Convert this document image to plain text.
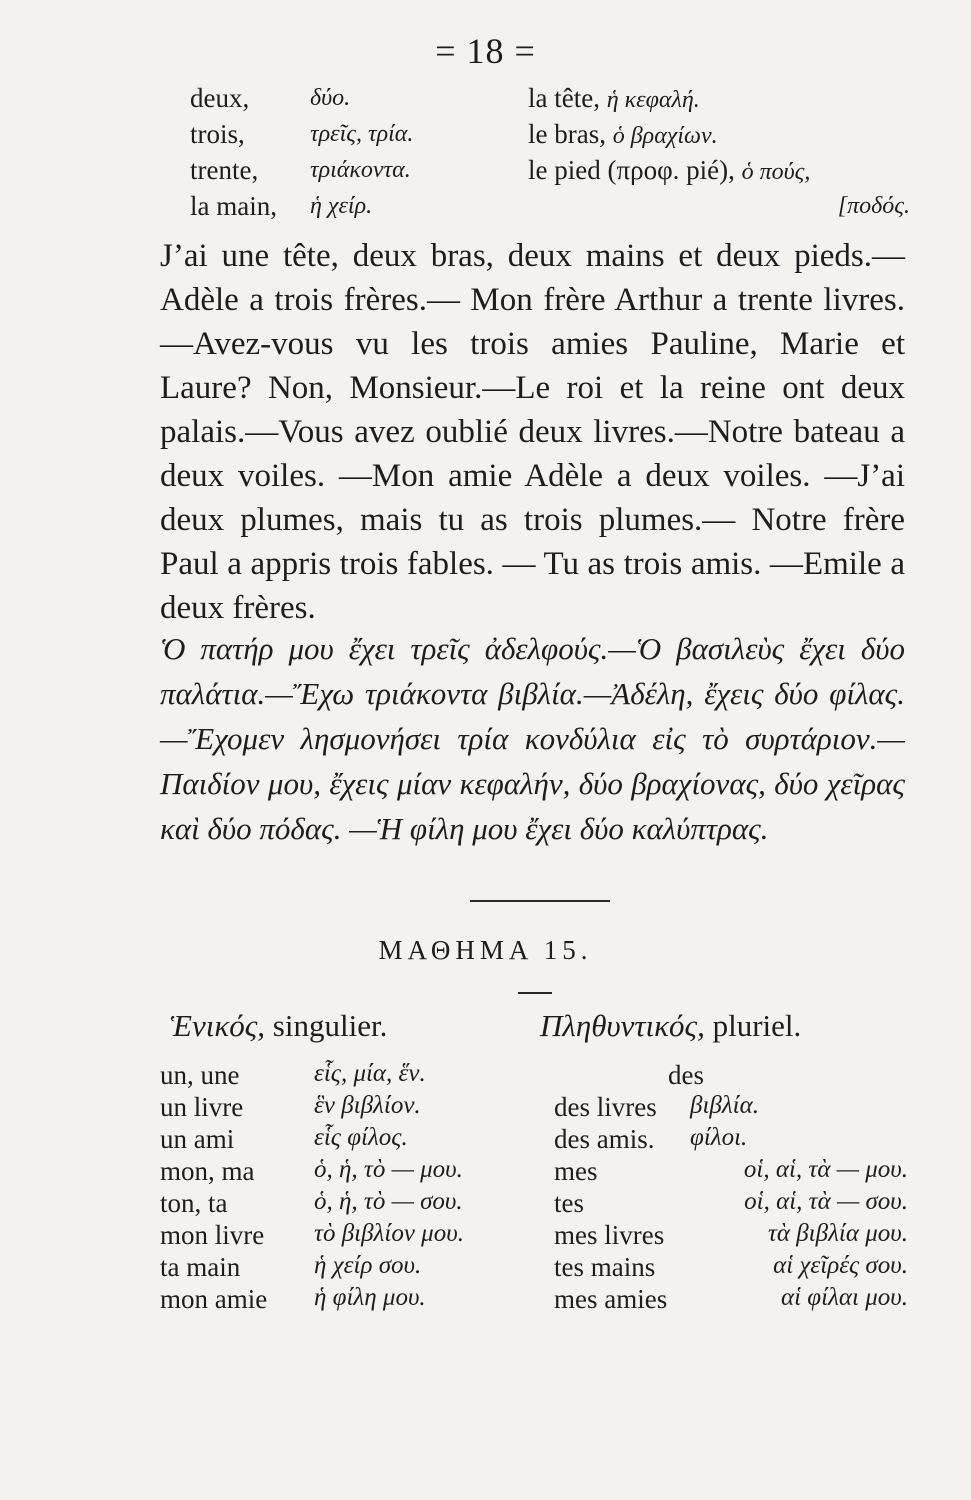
= 18 =
deux,	δύο.	la tête, ἡ κεφαλή.
trois,	τρεῖς, τρία.	le bras, ὁ βραχίων.
trente, τριάκοντα.	le pied (προφ. pié), ὁ πούς,
la main, ἡ χείρ.	[ποδός.

J’ai une tête, deux bras, deux mains et deux pieds.—Adèle a trois frères.— Mon frère Arthur a trente livres.—Avez-vous vu les trois amies Pauline, Marie et Laure? Non, Monsieur.—Le roi et la reine ont deux palais.—Vous avez oublié deux livres.—Notre bateau a deux voiles. —Mon amie Adèle a deux voiles. —J’ai deux plumes, mais tu as trois plumes.— Notre frère Paul a appris trois fables. — Tu as trois amis. —Emile a deux frères.

Ὁ πατήρ μου ἔχει τρεῖς ἀδελφούς.—Ὁ βασιλεὺς ἔχει δύο παλάτια.—Ἔχω τριάκοντα βιβλία.—Ἀδέλη, ἔχεις δύο φίλας.—Ἔχομεν λησμονήσει τρία κονδύλια εἰς τὸ συρτάριον.—Παιδίον μου, ἔχεις μίαν κεφαλήν, δύο βραχίονας, δύο χεῖρας καὶ δύο πόδας. —Ἡ φίλη μου ἔχει δύο καλύπτρας.

ΜΑΘΗΜΑ 15.
Ἑνικός, singulier.	Πληθυντικός, pluriel.
un, une	εἷς, μία, ἕν.	des
un livre	ἓν βιβλίον.	des livres βιβλία.
un ami	εἷς φίλος.	des amis. φίλοι.
mon, ma ὁ, ἡ, τὸ — μου.	mes	οἱ, αἱ, τὰ — μου.
ton, ta	ὁ, ἡ, τὸ — σου.	tes	οἱ, αἱ, τὰ — σου.
mon livre τὸ βιβλίον μου.	mes livres	τὰ βιβλία μου.
ta main	ἡ χείρ σου.	tes mains	αἱ χεῖρές σου.
mon amie ἡ φίλη μου.	mes amies	αἱ φίλαι μου.
